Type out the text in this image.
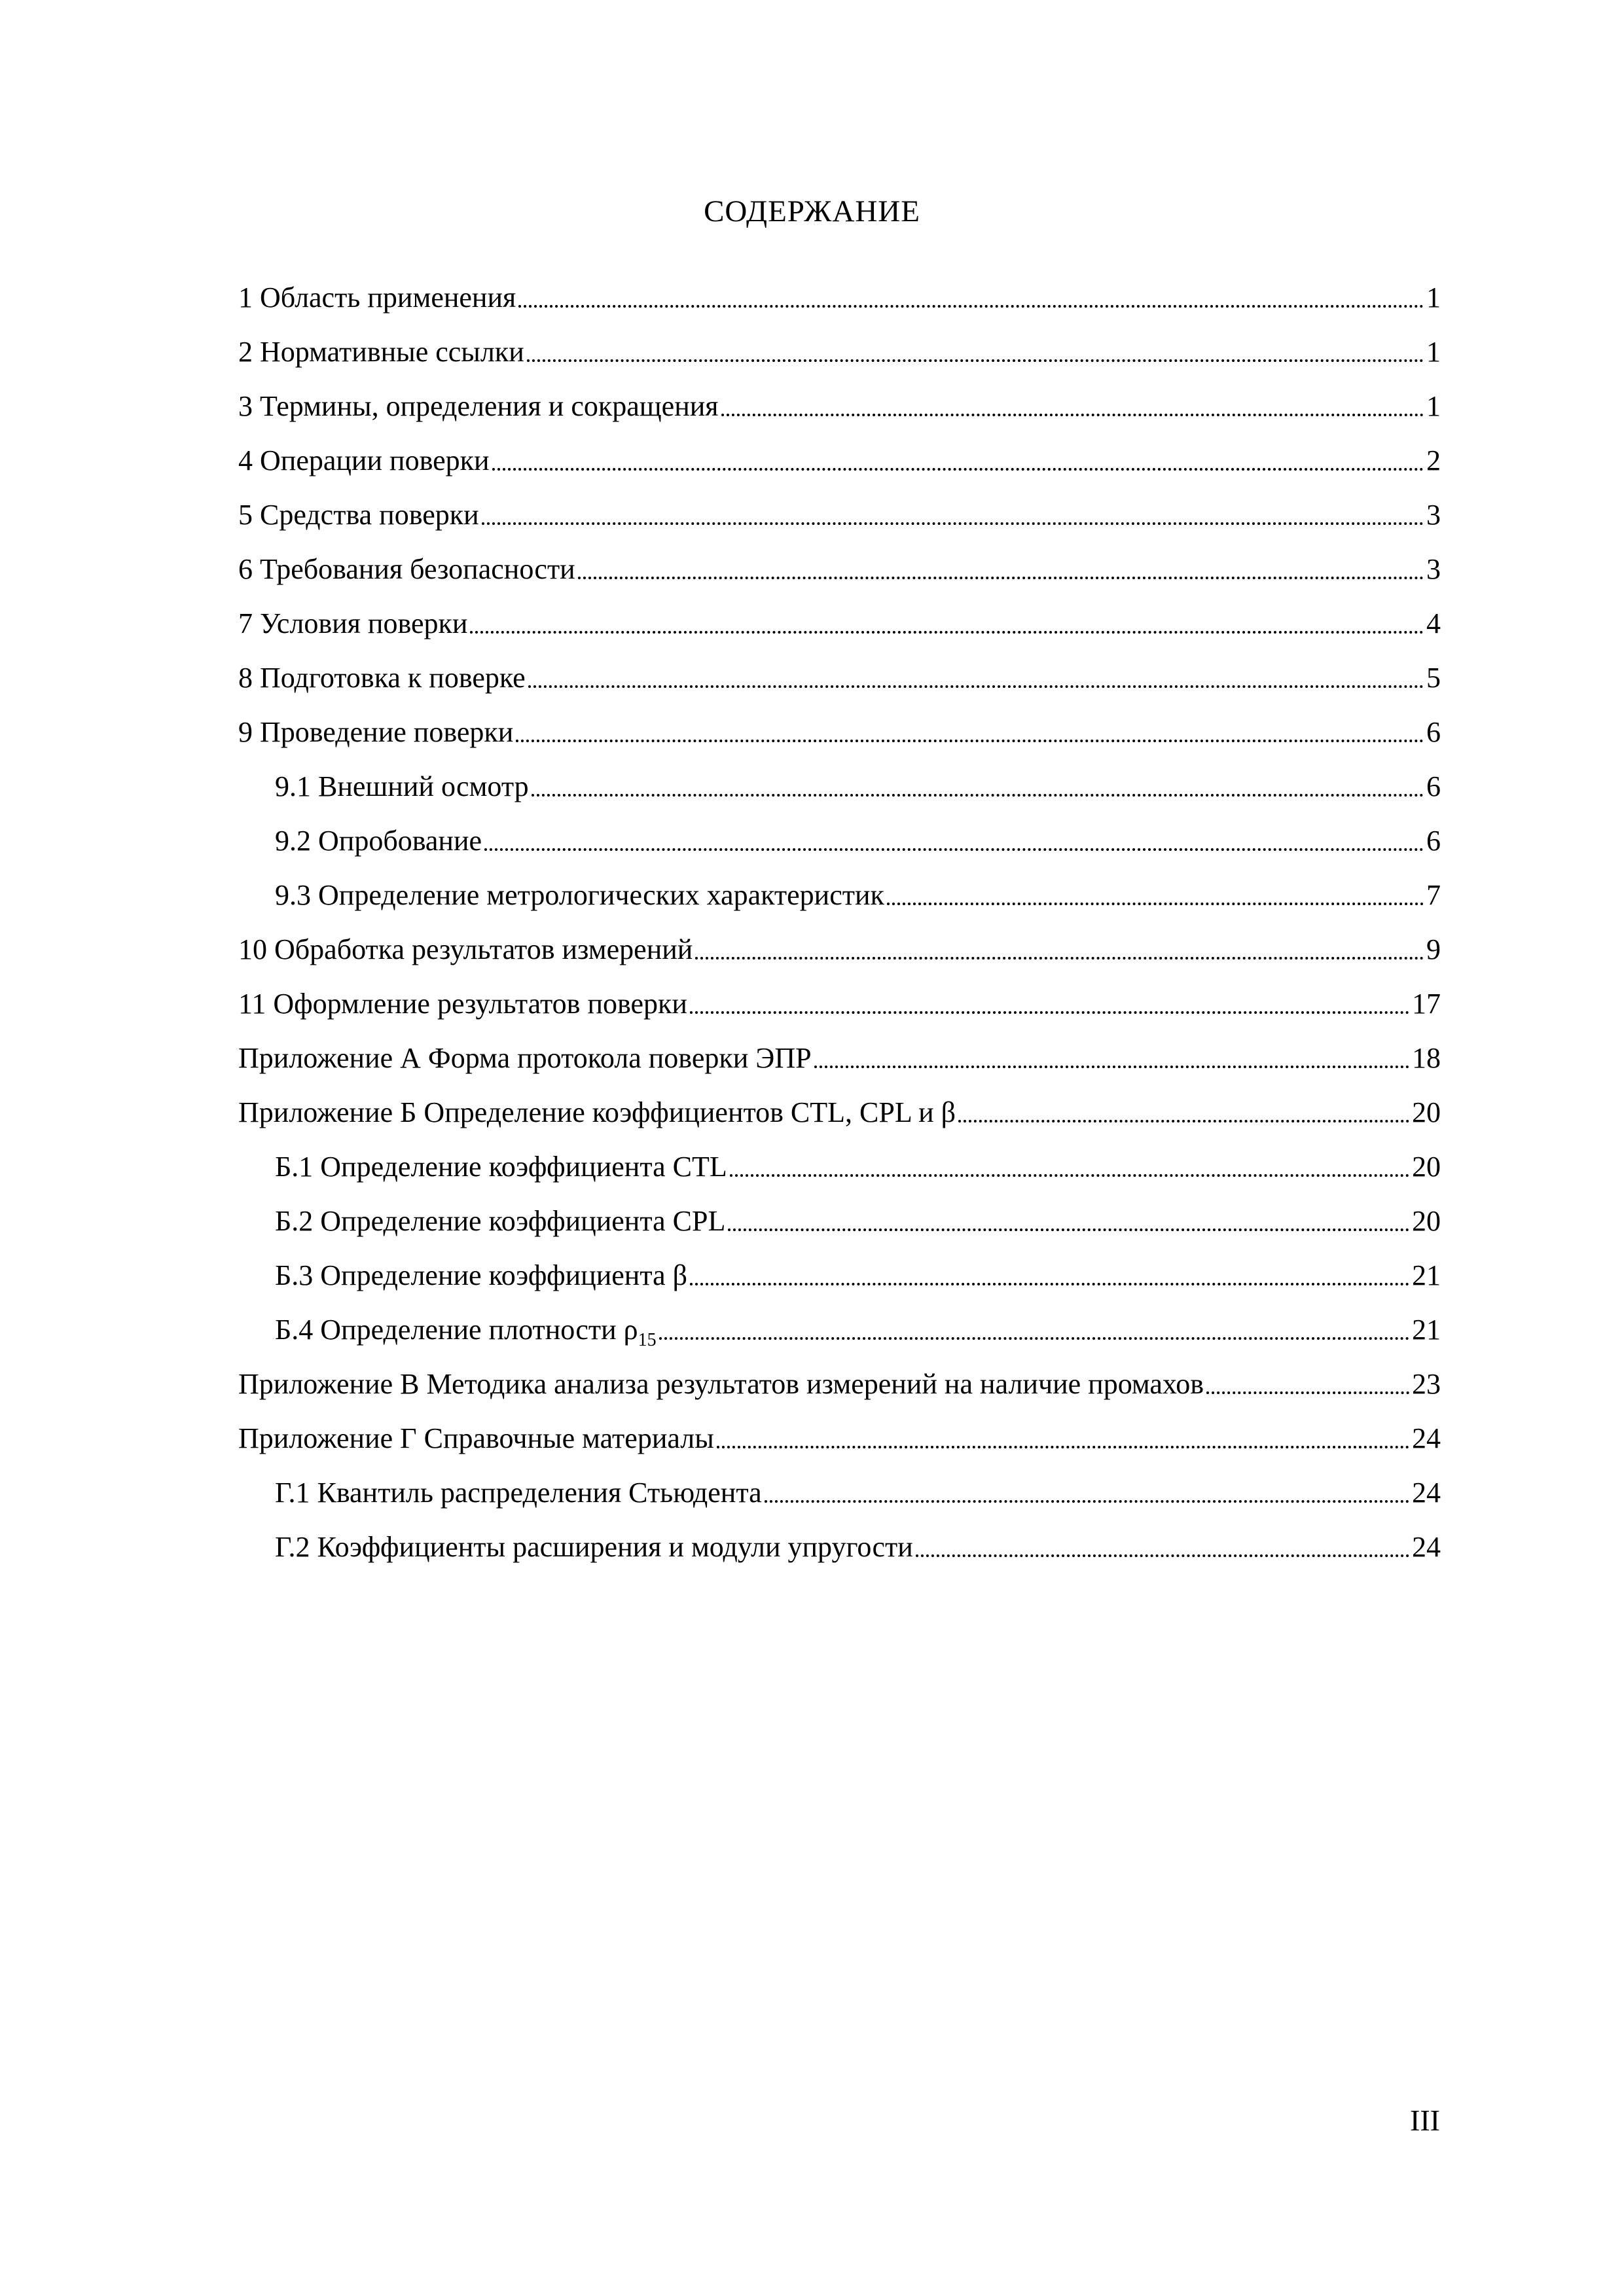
СОДЕРЖАНИЕ
1 Область применения	1
2 Нормативные ссылки	1
3 Термины, определения и сокращения	1
4 Операции поверки	2
5 Средства поверки	3
6 Требования безопасности	3
7 Условия поверки	4
8 Подготовка к поверке	5
9 Проведение поверки	6
9.1 Внешний осмотр	6
9.2 Опробование	6
9.3 Определение метрологических характеристик	7
10 Обработка результатов измерений	9
11 Оформление результатов поверки	17
Приложение А Форма протокола поверки ЭПР	18
Приложение Б Определение коэффициентов CTL, CPL и β	20
Б.1 Определение коэффициента CTL	20
Б.2 Определение коэффициента CPL	20
Б.3 Определение коэффициента β	21
Б.4 Определение плотности $\rho_{15}$	21
Приложение В Методика анализа результатов измерений на наличие промахов	23
Приложение Г Справочные материалы	24
Г.1 Квантиль распределения Стьюдента	24
Г.2 Коэффициенты расширения и модули упругости	24
III
